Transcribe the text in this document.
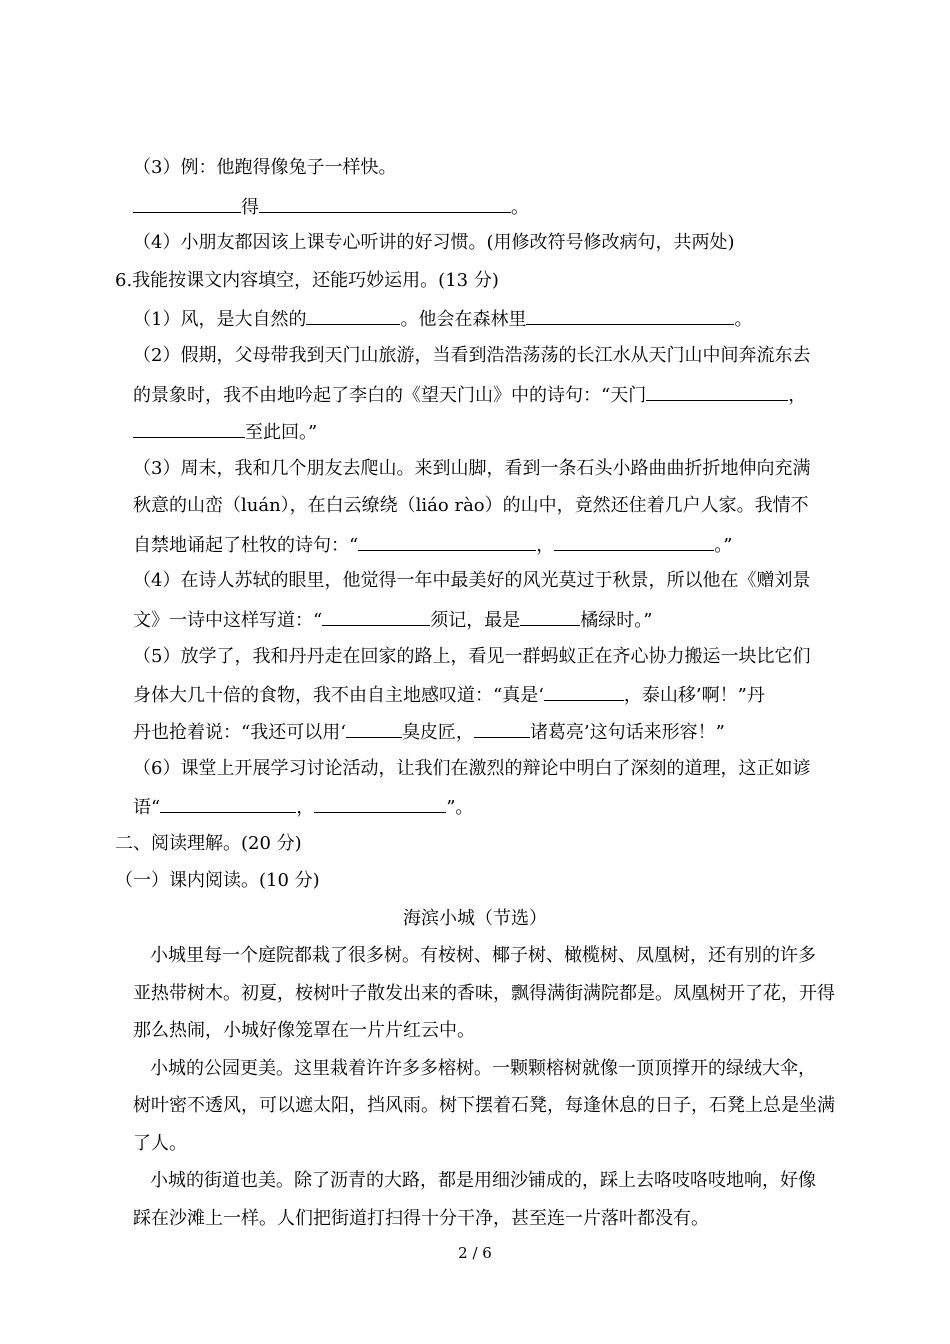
（3）例：他跑得像兔子一样快。
得	。
（4）小朋友都因该上课专心听讲的好习惯。(用修改符号修改病句，共两处)
6.我能按课文内容填空，还能巧妙运用。(13 分)
（1）风，是大自然的	。他会在森林里	。
（2）假期，父母带我到天门山旅游，当看到浩浩荡荡的长江水从天门山中间奔流东去
的景象时，我不由地吟起了李白的《望天门山》中的诗句：“天门	，
至此回。”
（3）周末，我和几个朋友去爬山。来到山脚，看到一条石头小路曲曲折折地伸向充满
秋意的山峦（luán），在白云缭绕（liáo rào）的山中，竟然还住着几户人家。我情不
自禁地诵起了杜牧的诗句：“	，	。”
（4）在诗人苏轼的眼里，他觉得一年中最美好的风光莫过于秋景，所以他在《赠刘景
文》一诗中这样写道：“	须记，最是	橘绿时。”
（5）放学了，我和丹丹走在回家的路上，看见一群蚂蚁正在齐心协力搬运一块比它们
身体大几十倍的食物，我不由自主地感叹道：“真是‘	，泰山移’啊！”丹
丹也抢着说：“我还可以用‘	臭皮匠，	诸葛亮’这句话来形容！”
（6）课堂上开展学习讨论活动，让我们在激烈的辩论中明白了深刻的道理，这正如谚
语“	，	”。
二、阅读理解。(20 分)
（一）课内阅读。(10 分)
海滨小城（节选）
小城里每一个庭院都栽了很多树。有桉树、椰子树、橄榄树、凤凰树，还有别的许多
亚热带树木。初夏，桉树叶子散发出来的香味，飘得满街满院都是。凤凰树开了花，开得
那么热闹，小城好像笼罩在一片片红云中。
小城的公园更美。这里栽着许许多多榕树。一颗颗榕树就像一顶顶撑开的绿绒大伞，
树叶密不透风，可以遮太阳，挡风雨。树下摆着石凳，每逢休息的日子，石凳上总是坐满
了人。
小城的街道也美。除了沥青的大路，都是用细沙铺成的，踩上去咯吱咯吱地响，好像
踩在沙滩上一样。人们把街道打扫得十分干净，甚至连一片落叶都没有。
2 / 6
